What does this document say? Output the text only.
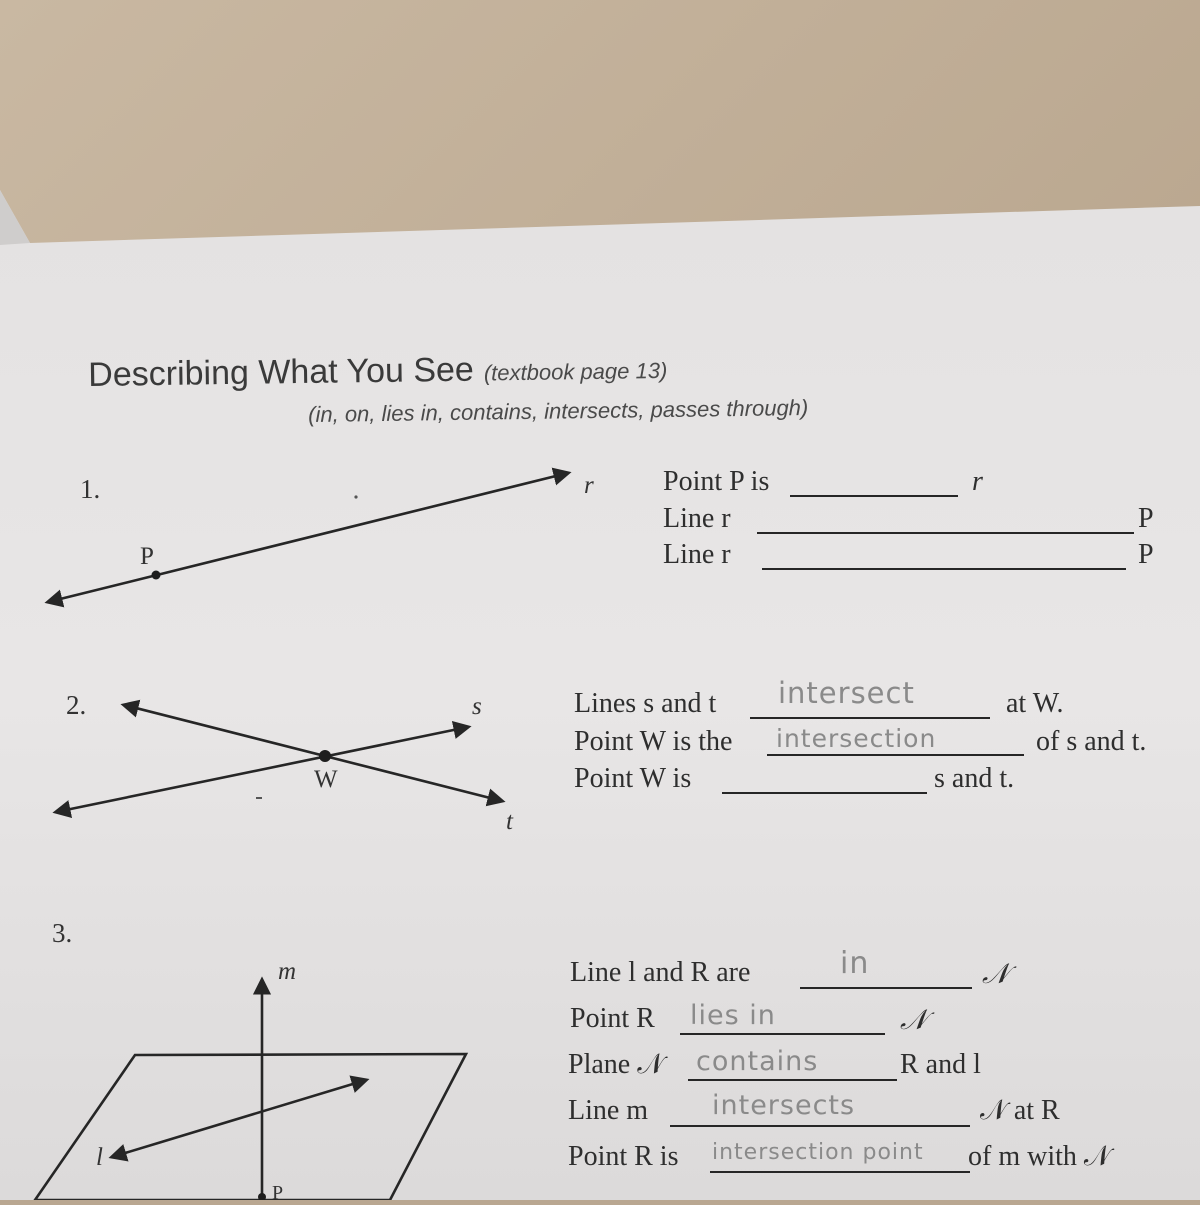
Describing What You See (textbook page 13)
(in, on, lies in, contains, intersects, passes through)
1.
P
r Point P is	r
Line r	P
Line r	P
2.
W
s
t
Lines s and t intersect	at W.
Point W is the intersection	of s and t.
Point W is	s and t.
3.
m
l
P
Line l and R are	in	𝒩
Point R lies in	𝒩
Plane 𝒩 contains	R and l
Line m intersects	𝒩 at R
Point R is intersection point of m with 𝒩
